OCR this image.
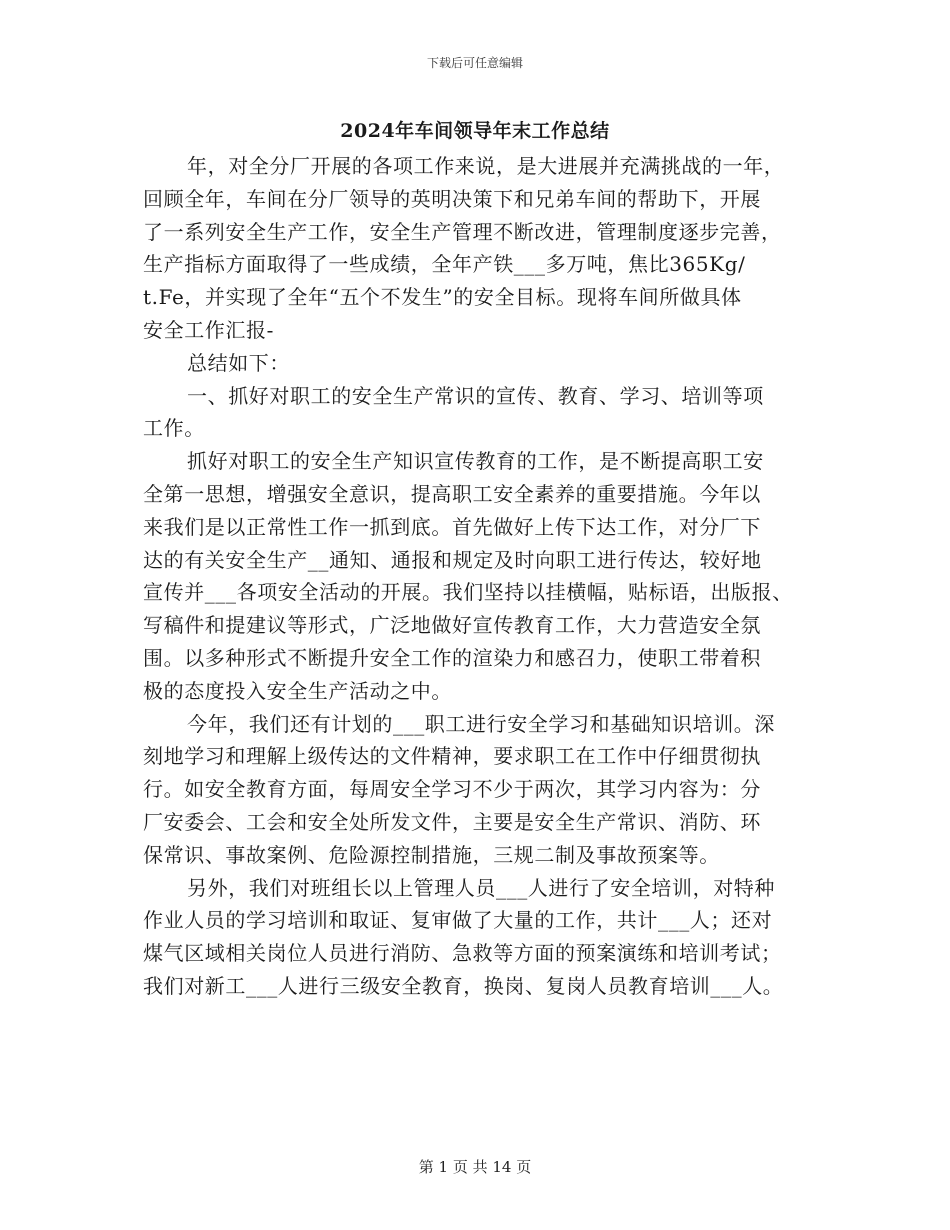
下载后可任意编辑
2024年车间领导年末工作总结

年，对全分厂开展的各项工作来说，是大进展并充满挑战的一年，

回顾全年，车间在分厂领导的英明决策下和兄弟车间的帮助下，开展

了一系列安全生产工作，安全生产管理不断改进，管理制度逐步完善，

生产指标方面取得了一些成绩，全年产铁___多万吨，焦比365Kg/

t.Fe，并实现了全年“五个不发生”的安全目标。现将车间所做具体

安全工作汇报-

总结如下：

一、抓好对职工的安全生产常识的宣传、教育、学习、培训等项

工作。

抓好对职工的安全生产知识宣传教育的工作，是不断提高职工安

全第一思想，增强安全意识，提高职工安全素养的重要措施。今年以

来我们是以正常性工作一抓到底。首先做好上传下达工作，对分厂下

达的有关安全生产__通知、通报和规定及时向职工进行传达，较好地

宣传并___各项安全活动的开展。我们坚持以挂横幅，贴标语，出版报、

写稿件和提建议等形式，广泛地做好宣传教育工作，大力营造安全氛

围。以多种形式不断提升安全工作的渲染力和感召力，使职工带着积

极的态度投入安全生产活动之中。

今年，我们还有计划的___职工进行安全学习和基础知识培训。深

刻地学习和理解上级传达的文件精神，要求职工在工作中仔细贯彻执

行。如安全教育方面，每周安全学习不少于两次，其学习内容为：分

厂安委会、工会和安全处所发文件，主要是安全生产常识、消防、环

保常识、事故案例、危险源控制措施，三规二制及事故预案等。

另外，我们对班组长以上管理人员___人进行了安全培训，对特种

作业人员的学习培训和取证、复审做了大量的工作，共计___人；还对

煤气区域相关岗位人员进行消防、急救等方面的预案演练和培训考试；

我们对新工___人进行三级安全教育，换岗、复岗人员教育培训___人。

第 1 页 共 14 页
